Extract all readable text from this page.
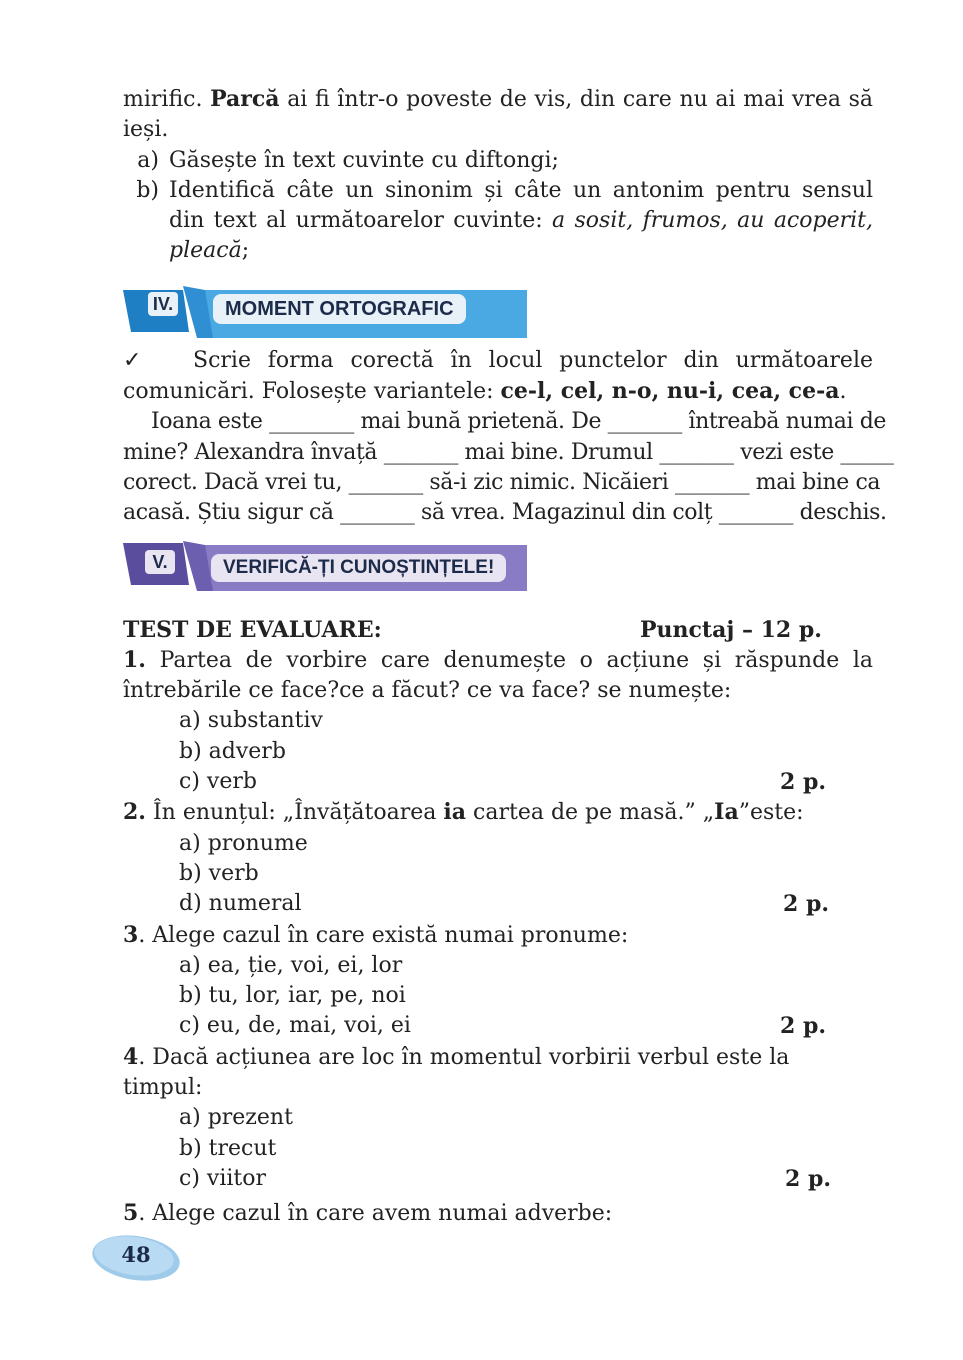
mirific. Parcă ai fi într-o poveste de vis, din care nu ai mai vrea să
ieși.
a) Găsește în text cuvinte cu diftongi;
b) Identifică câte un sinonim și câte un antonim pentru sensul
din text al următoarelor cuvinte: a sosit, frumos, au acoperit,
pleacă;
IV.	MOMENT ORTOGRAFIC
✓ Scrie forma corectă în locul punctelor din următoarele
comunicări. Folosește variantele: ce-l, cel, n-o, nu-i, cea, ce-a.
Ioana este ________ mai bună prietenă. De _______ întreabă numai de
mine? Alexandra învață _______ mai bine. Drumul _______ vezi este _____
corect. Dacă vrei tu, _______ să-i zic nimic. Nicăieri _______ mai bine ca
acasă. Știu sigur că _______ să vrea. Magazinul din colț _______ deschis.
V.	VERIFICĂ-ȚI CUNOȘTINȚELE!
TEST DE EVALUARE:	Punctaj – 12 p.
1. Partea de vorbire care denumește o acțiune și răspunde la
întrebările ce face?ce a făcut? ce va face? se numește:
a) substantiv
b) adverb
c) verb	2 p.
2. În enunțul: „Învățătoarea ia cartea de pe masă.” „Ia”este:
a) pronume
b) verb
d) numeral	2 p.
3. Alege cazul în care există numai pronume:
a) ea, ție, voi, ei, lor
b) tu, lor, iar, pe, noi
c) eu, de, mai, voi, ei	2 p.
4. Dacă acțiunea are loc în momentul vorbirii verbul este la timpul:
a) prezent
b) trecut
c) viitor	2 p.
5. Alege cazul în care avem numai adverbe:
48
